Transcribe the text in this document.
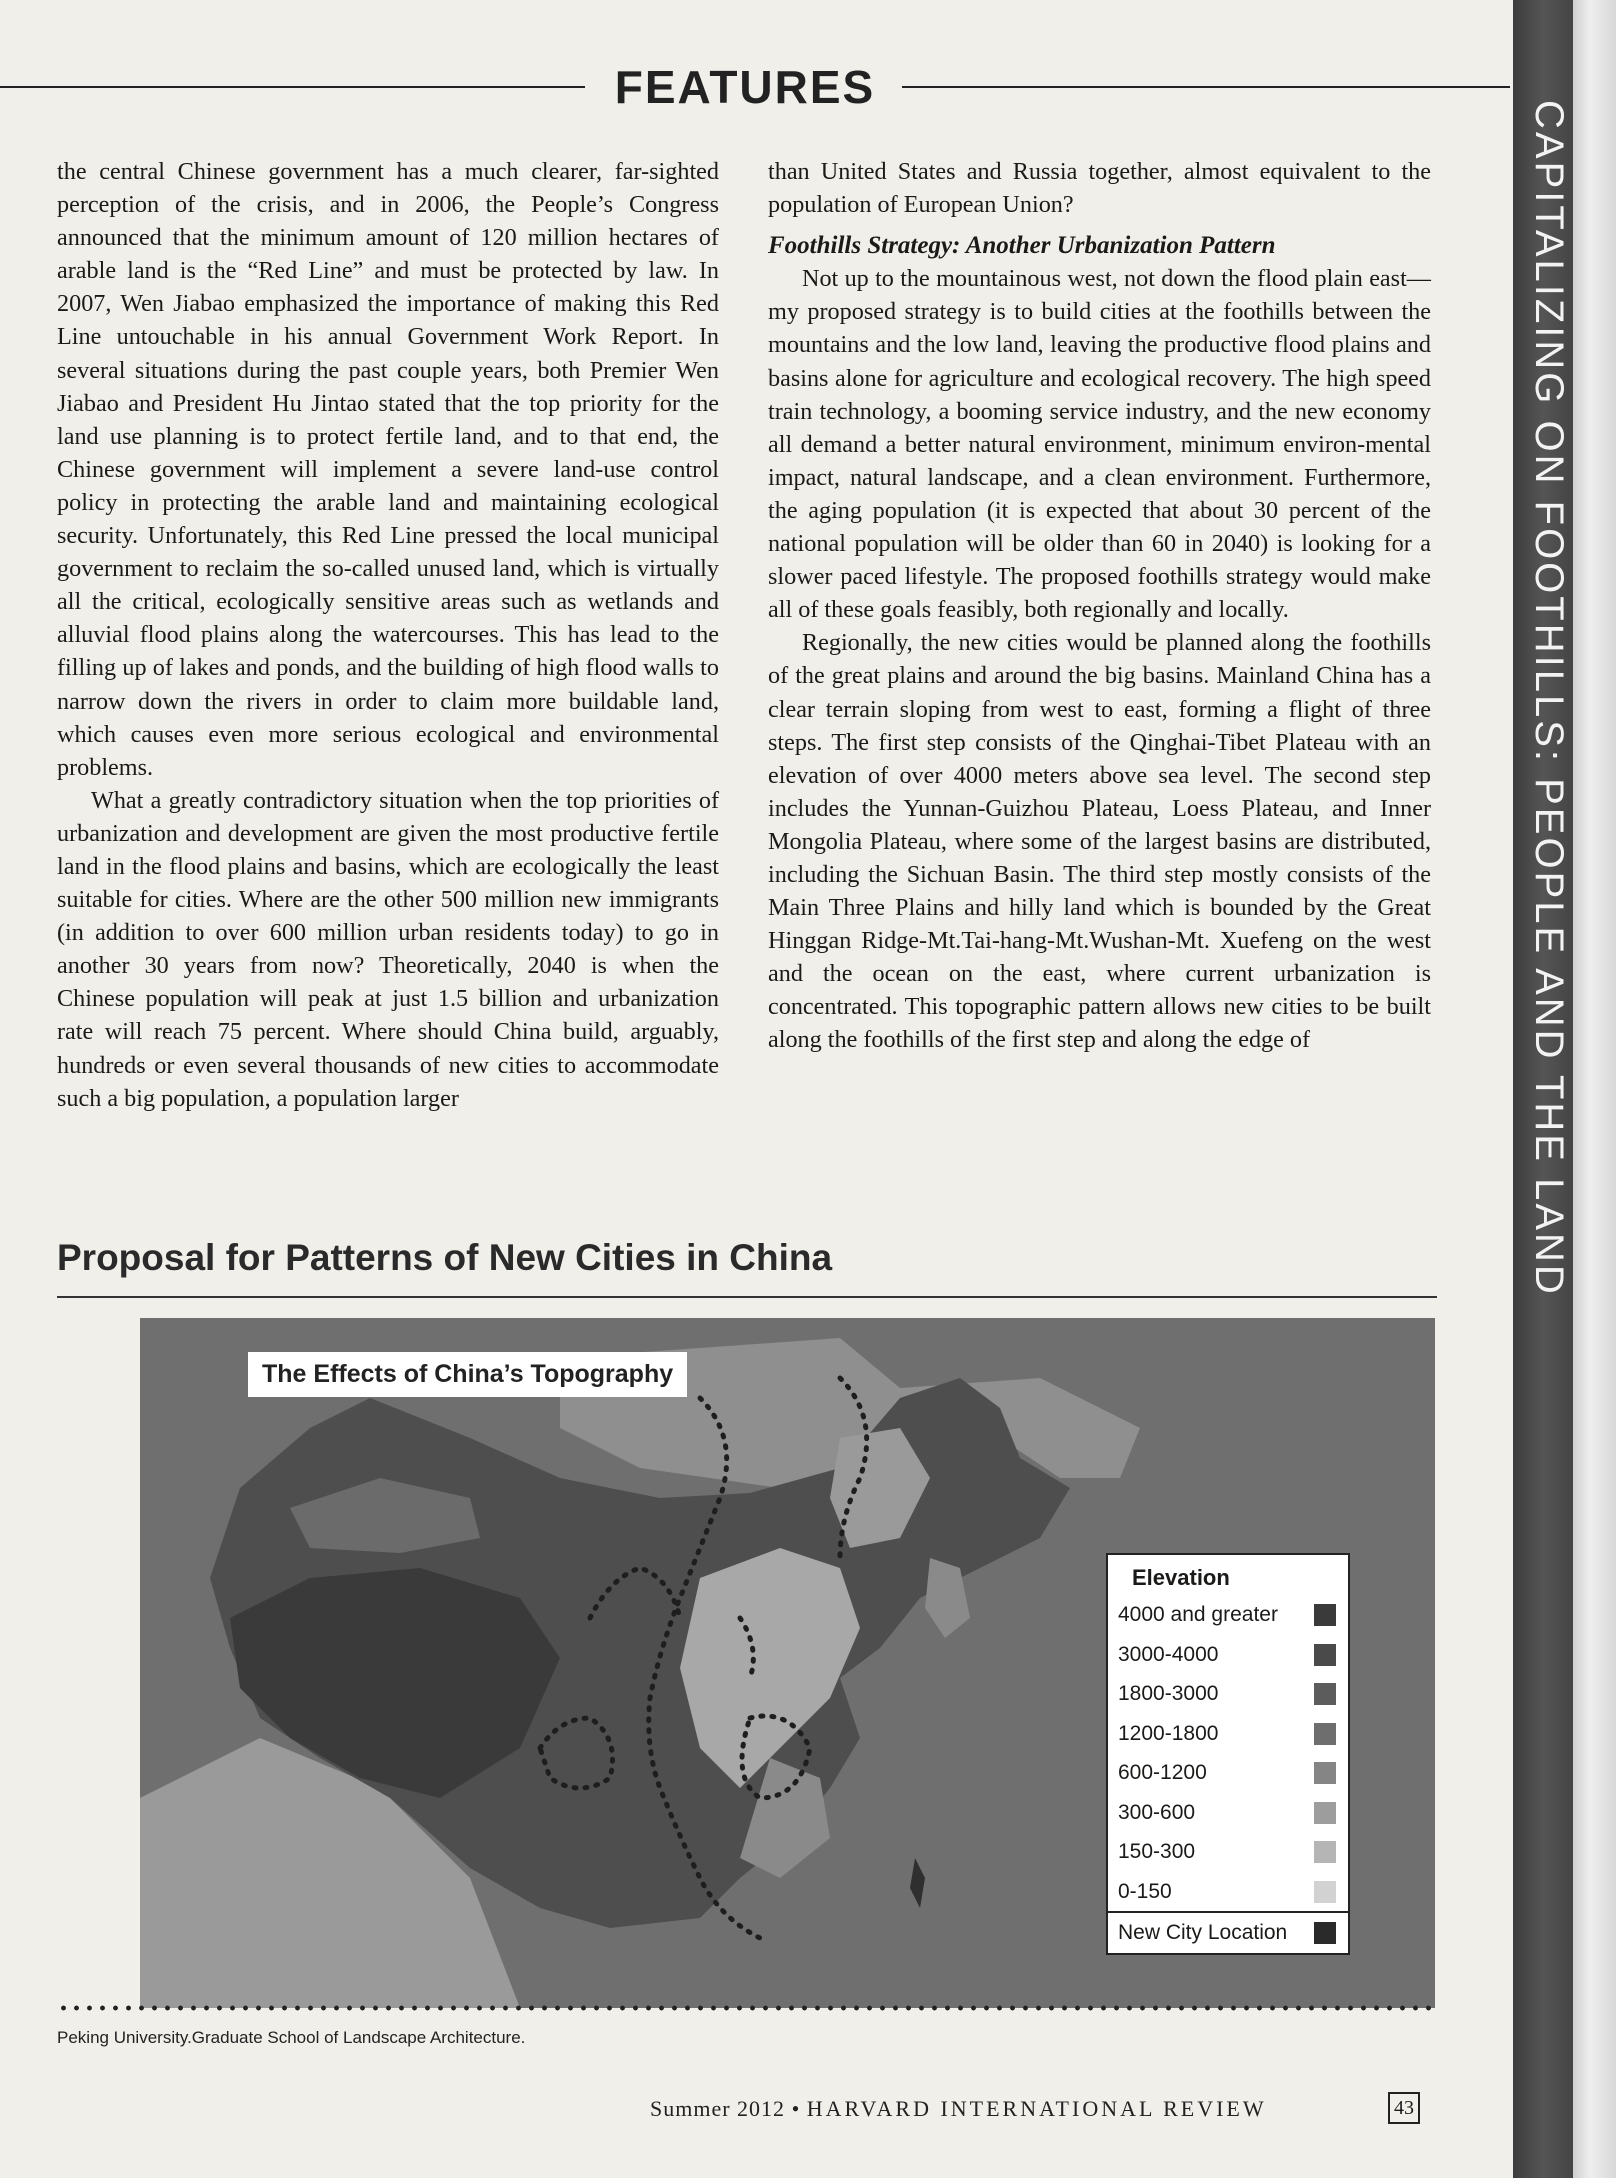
FEATURES

the central Chinese government has a much clearer, far-sighted perception of the crisis, and in 2006, the People’s Congress announced that the minimum amount of 120 million hectares of arable land is the “Red Line” and must be protected by law. In 2007, Wen Jiabao emphasized the importance of making this Red Line untouchable in his annual Government Work Report. In several situations during the past couple years, both Premier Wen Jiabao and President Hu Jintao stated that the top priority for the land use planning is to protect fertile land, and to that end, the Chinese government will implement a severe land-use control policy in protecting the arable land and maintaining ecological security. Unfortunately, this Red Line pressed the local municipal government to reclaim the so-called unused land, which is virtually all the critical, ecologically sensitive areas such as wetlands and alluvial flood plains along the watercourses. This has lead to the filling up of lakes and ponds, and the building of high flood walls to narrow down the rivers in order to claim more buildable land, which causes even more serious ecological and environmental problems.

What a greatly contradictory situation when the top priorities of urbanization and development are given the most productive fertile land in the flood plains and basins, which are ecologically the least suitable for cities. Where are the other 500 million new immigrants (in addition to over 600 million urban residents today) to go in another 30 years from now? Theoretically, 2040 is when the Chinese population will peak at just 1.5 billion and urbanization rate will reach 75 percent. Where should China build, arguably, hundreds or even several thousands of new cities to accommodate such a big population, a population larger

than United States and Russia together, almost equivalent to the population of European Union?

Foothills Strategy: Another Urbanization Pattern

Not up to the mountainous west, not down the flood plain east—my proposed strategy is to build cities at the foothills between the mountains and the low land, leaving the productive flood plains and basins alone for agriculture and ecological recovery. The high speed train technology, a booming service industry, and the new economy all demand a better natural environment, minimum environ-mental impact, natural landscape, and a clean environment. Furthermore, the aging population (it is expected that about 30 percent of the national population will be older than 60 in 2040) is looking for a slower paced lifestyle. The proposed foothills strategy would make all of these goals feasibly, both regionally and locally.

Regionally, the new cities would be planned along the foothills of the great plains and around the big basins. Mainland China has a clear terrain sloping from west to east, forming a flight of three steps. The first step consists of the Qinghai-Tibet Plateau with an elevation of over 4000 meters above sea level. The second step includes the Yunnan-Guizhou Plateau, Loess Plateau, and Inner Mongolia Plateau, where some of the largest basins are distributed, including the Sichuan Basin. The third step mostly consists of the Main Three Plains and hilly land which is bounded by the Great Hinggan Ridge-Mt.Tai-hang-Mt.Wushan-Mt. Xuefeng on the west and the ocean on the east, where current urbanization is concentrated. This topographic pattern allows new cities to be built along the foothills of the first step and along the edge of

Proposal for Patterns of New Cities in China
The Effects of China’s Topography
Elevation
4000 and greater
3000-4000
1800-3000
1200-1800
600-1200
300-600
150-300
0-150
New City Location
Peking University.Graduate School of Landscape Architecture.
Summer 2012 • HARVARD INTERNATIONAL REVIEW	43
CAPITALIZING ON FOOTHILLS: PEOPLE AND THE LAND
